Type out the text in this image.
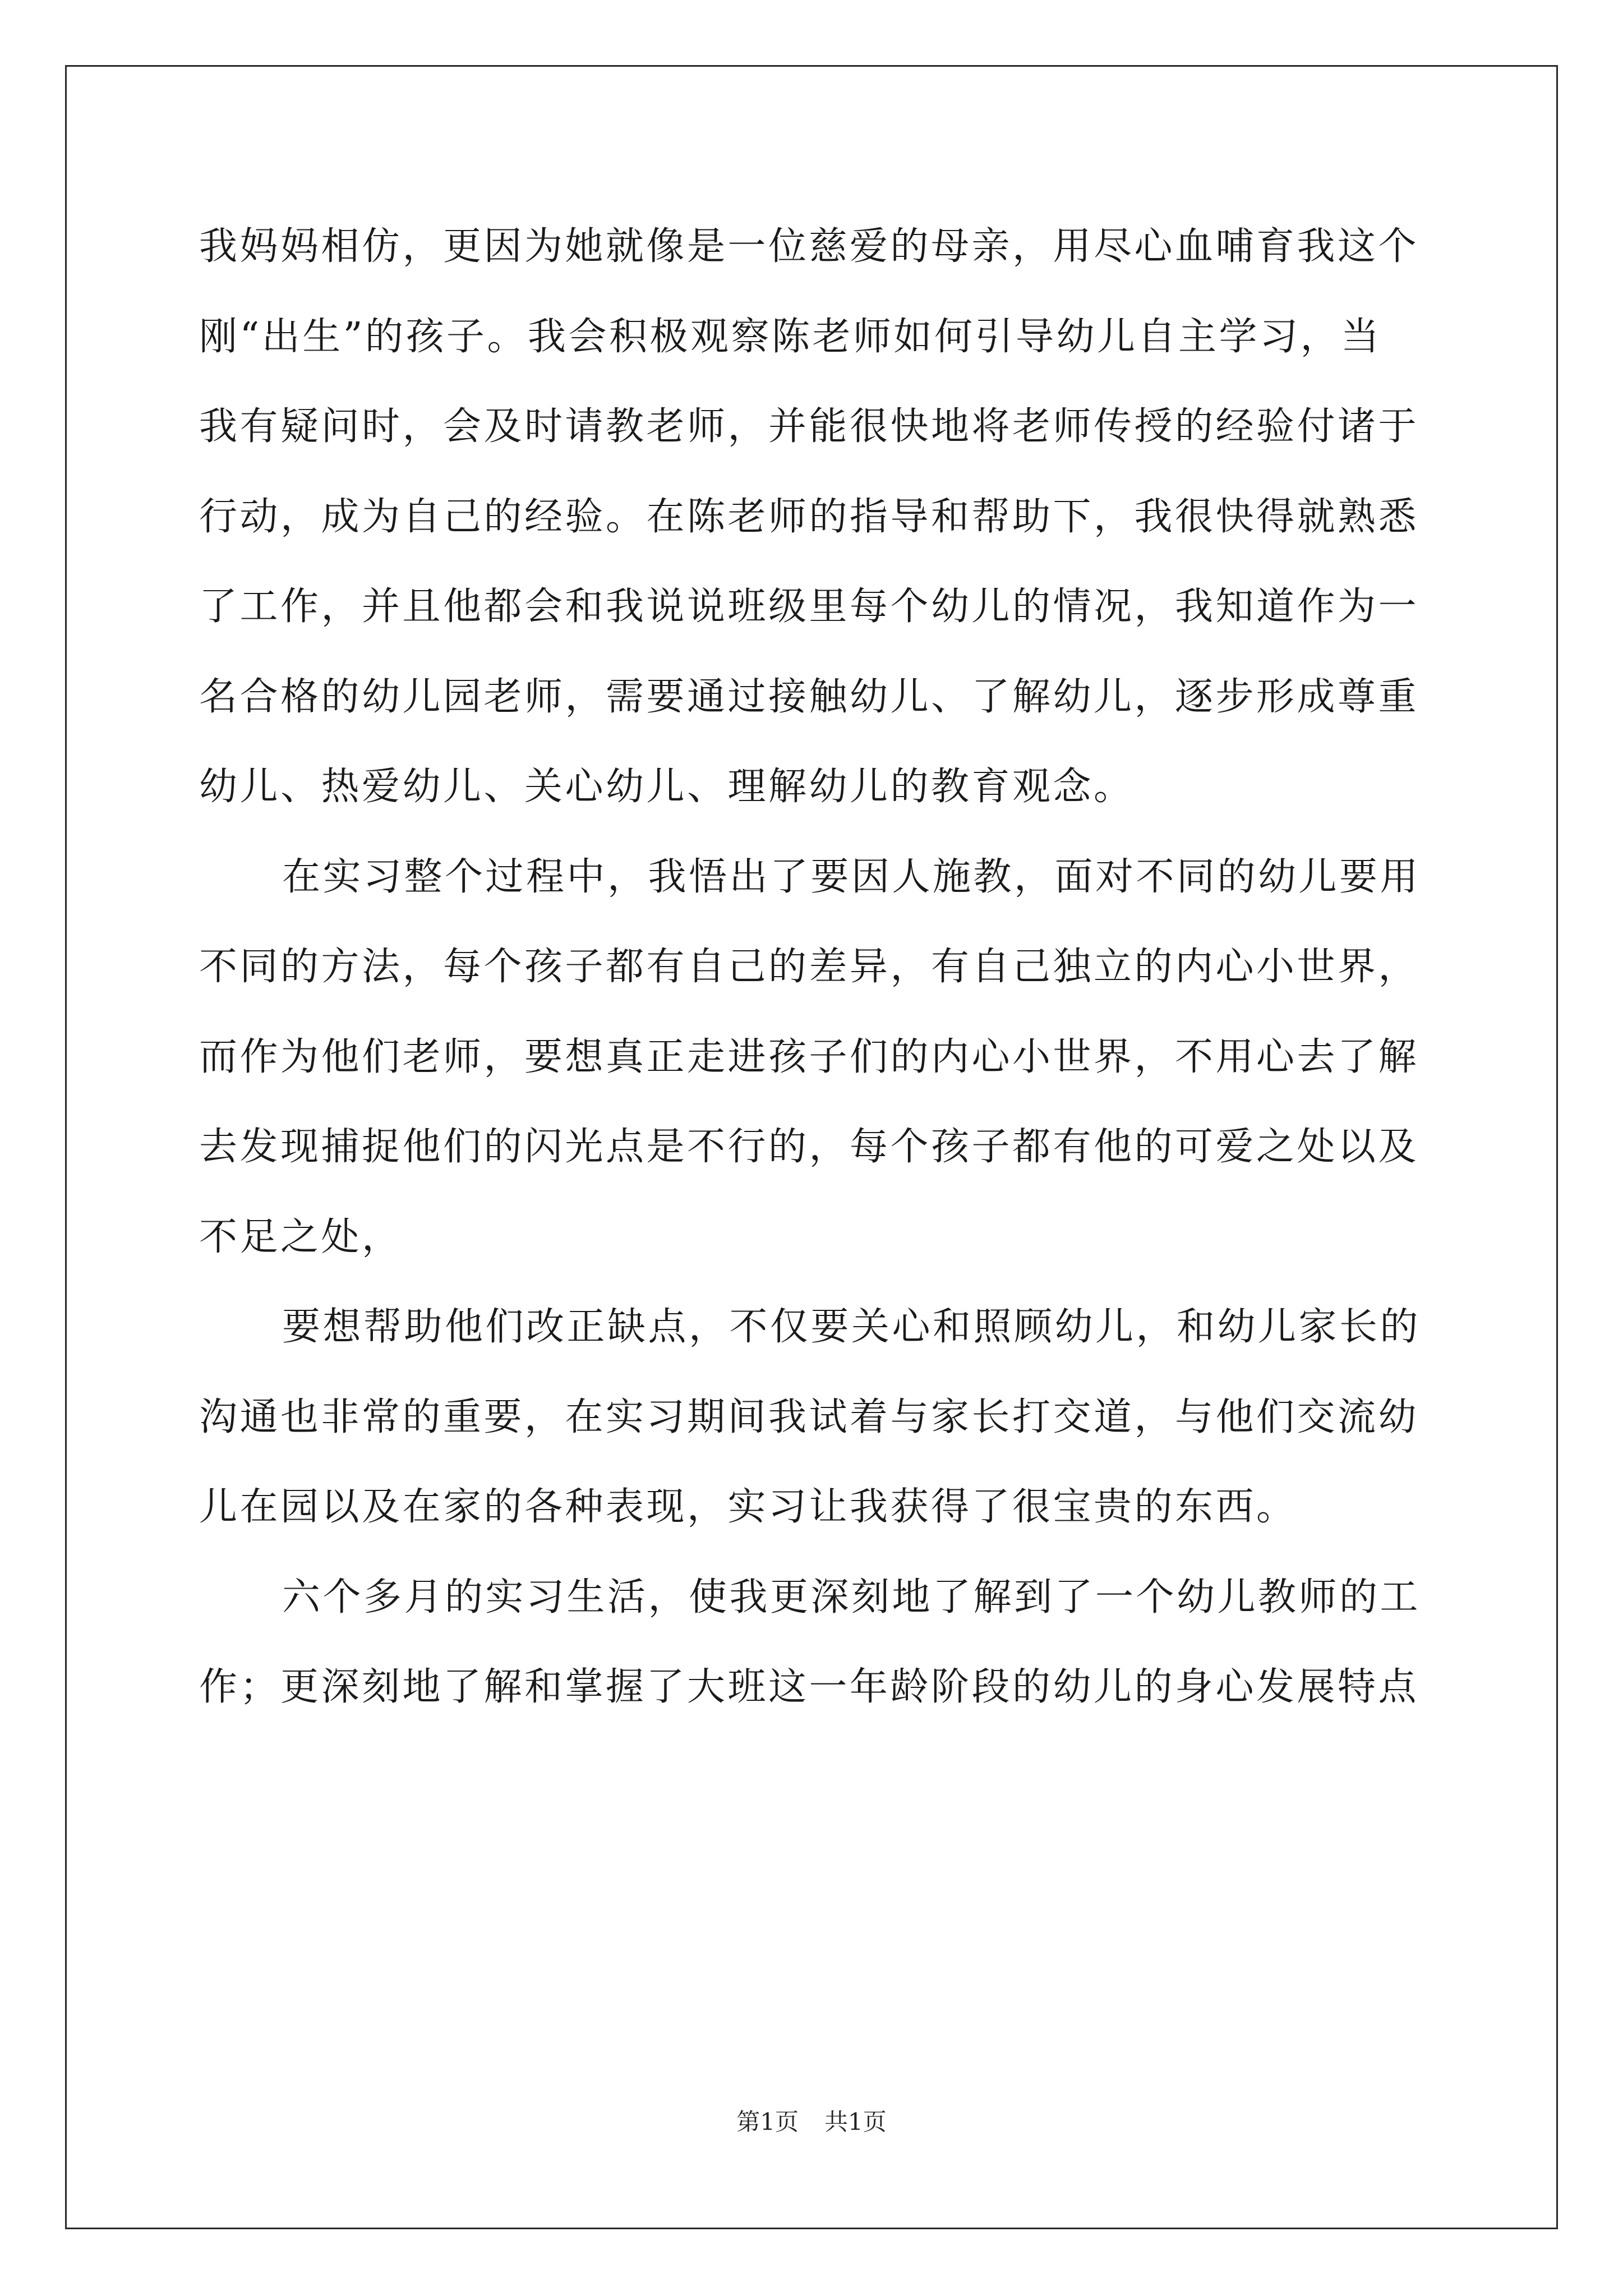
我妈妈相仿，更因为她就像是一位慈爱的母亲，用尽心血哺育我这个
刚“出生”的孩子。我会积极观察陈老师如何引导幼儿自主学习，当
我有疑问时，会及时请教老师，并能很快地将老师传授的经验付诸于
行动，成为自己的经验。在陈老师的指导和帮助下，我很快得就熟悉
了工作，并且他都会和我说说班级里每个幼儿的情况，我知道作为一
名合格的幼儿园老师，需要通过接触幼儿、了解幼儿，逐步形成尊重
幼儿、热爱幼儿、关心幼儿、理解幼儿的教育观念。
在实习整个过程中，我悟出了要因人施教，面对不同的幼儿要用
不同的方法，每个孩子都有自己的差异，有自己独立的内心小世界，
而作为他们老师，要想真正走进孩子们的内心小世界，不用心去了解
去发现捕捉他们的闪光点是不行的，每个孩子都有他的可爱之处以及
不足之处，
要想帮助他们改正缺点，不仅要关心和照顾幼儿，和幼儿家长的
沟通也非常的重要，在实习期间我试着与家长打交道，与他们交流幼
儿在园以及在家的各种表现，实习让我获得了很宝贵的东西。
六个多月的实习生活，使我更深刻地了解到了一个幼儿教师的工
作；更深刻地了解和掌握了大班这一年龄阶段的幼儿的身心发展特点
第1页 共1页
